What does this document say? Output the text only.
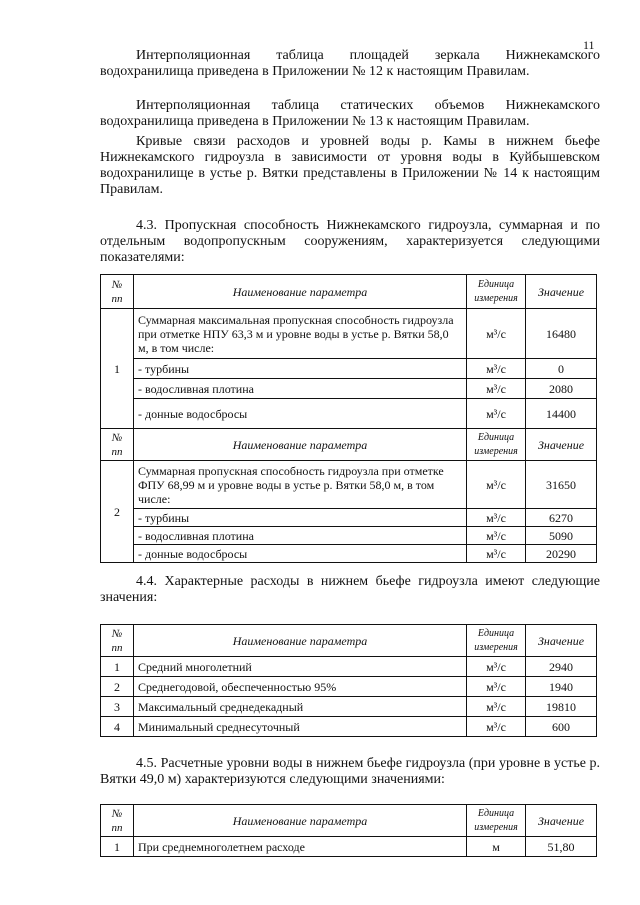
11

Интерполяционная таблица площадей зеркала Нижнекамского водохранилища приведена в Приложении № 12 к настоящим Правилам.

Интерполяционная таблица статических объемов Нижнекамского водохранилища приведена в Приложении № 13 к настоящим Правилам.

Кривые связи расходов и уровней воды р. Камы в нижнем бьефе Нижнекамского гидроузла в зависимости от уровня воды в Куйбышевском водохранилище в устье р. Вятки представлены в Приложении № 14 к настоящим Правилам.

4.3. Пропускная способность Нижнекамского гидроузла, суммарная и по отдельным водопропускным сооружениям, характеризуется следующими показателями:

№ пп	Наименование параметра	Единица измерения	Значение
1	Суммарная максимальная пропускная способность гидроузла при отметке НПУ 63,3 м и уровне воды в устье р. Вятки 58,0 м, в том числе:	м³/с	16480
	- турбины	м³/с	0
	- водосливная плотина	м³/с	2080
	- донные водосбросы	м³/с	14400
№ пп	Наименование параметра	Единица измерения	Значение
2	Суммарная пропускная способность гидроузла при отметке ФПУ 68,99 м и уровне воды в устье р. Вятки 58,0 м, в том числе:	м³/с	31650
	- турбины	м³/с	6270
	- водосливная плотина	м³/с	5090
	- донные водосбросы	м³/с	20290

4.4. Характерные расходы в нижнем бьефе гидроузла имеют следующие значения:

№ пп	Наименование параметра	Единица измерения	Значение
1	Средний многолетний	м³/с	2940
2	Среднегодовой, обеспеченностью 95%	м³/с	1940
3	Максимальный среднедекадный	м³/с	19810
4	Минимальный среднесуточный	м³/с	600

4.5. Расчетные уровни воды в нижнем бьефе гидроузла (при уровне в устье р. Вятки 49,0 м) характеризуются следующими значениями:

№ пп	Наименование параметра	Единица измерения	Значение
1	При среднемноголетнем расходе	м	51,80
